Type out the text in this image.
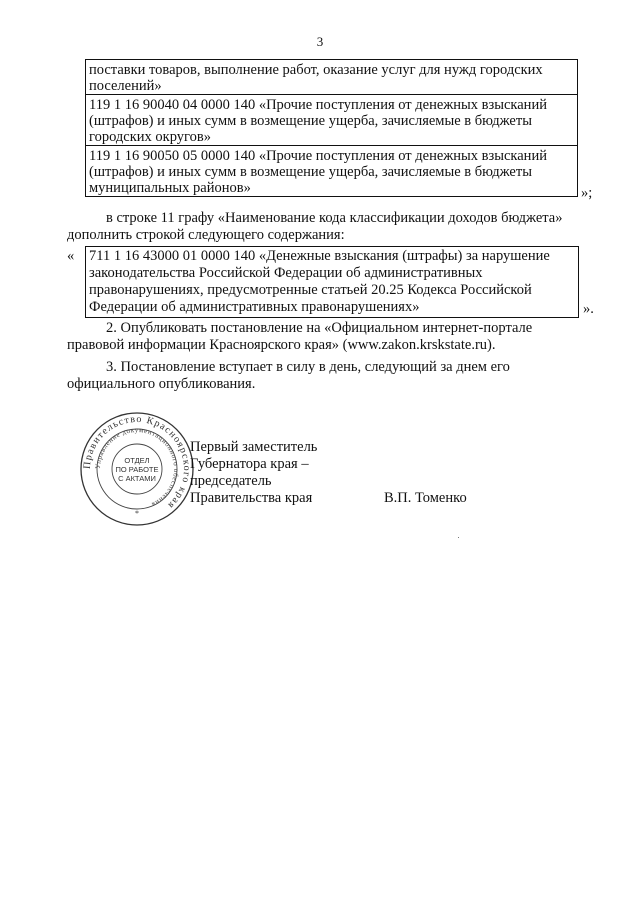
3
поставки товаров, выполнение работ, оказание услуг для нужд городских
поселений»

119 1 16 90040 04 0000 140 «Прочие поступления от денежных взысканий
(штрафов) и иных сумм в возмещение ущерба, зачисляемые в бюджеты
городских округов»

119 1 16 90050 05 0000 140 «Прочие поступления от денежных взысканий
(штрафов) и иных сумм в возмещение ущерба, зачисляемые в бюджеты
муниципальных районов»	»;
в строке 11 графу «Наименование кода классификации доходов бюджета»
дополнить строкой следующего содержания:
« 711 1 16 43000 01 0000 140 «Денежные взыскания (штрафы) за нарушение
законодательства Российской Федерации об административных
правонарушениях, предусмотренные статьей 20.25 Кодекса Российской
Федерации об административных правонарушениях»	».
2. Опубликовать постановление на «Официальном интернет-портале
правовой информации Красноярского края» (www.zakon.krskstate.ru).
3. Постановление вступает в силу в день, следующий за днем его
официального опубликования.
Правительство Красноярского края
Управление документационного обеспечения
ОТДЕЛ
ПО РАБОТЕ
С АКТАМИ
*
Первый заместитель
Губернатора края –
председатель
Правительства края	В.П. Томенко
